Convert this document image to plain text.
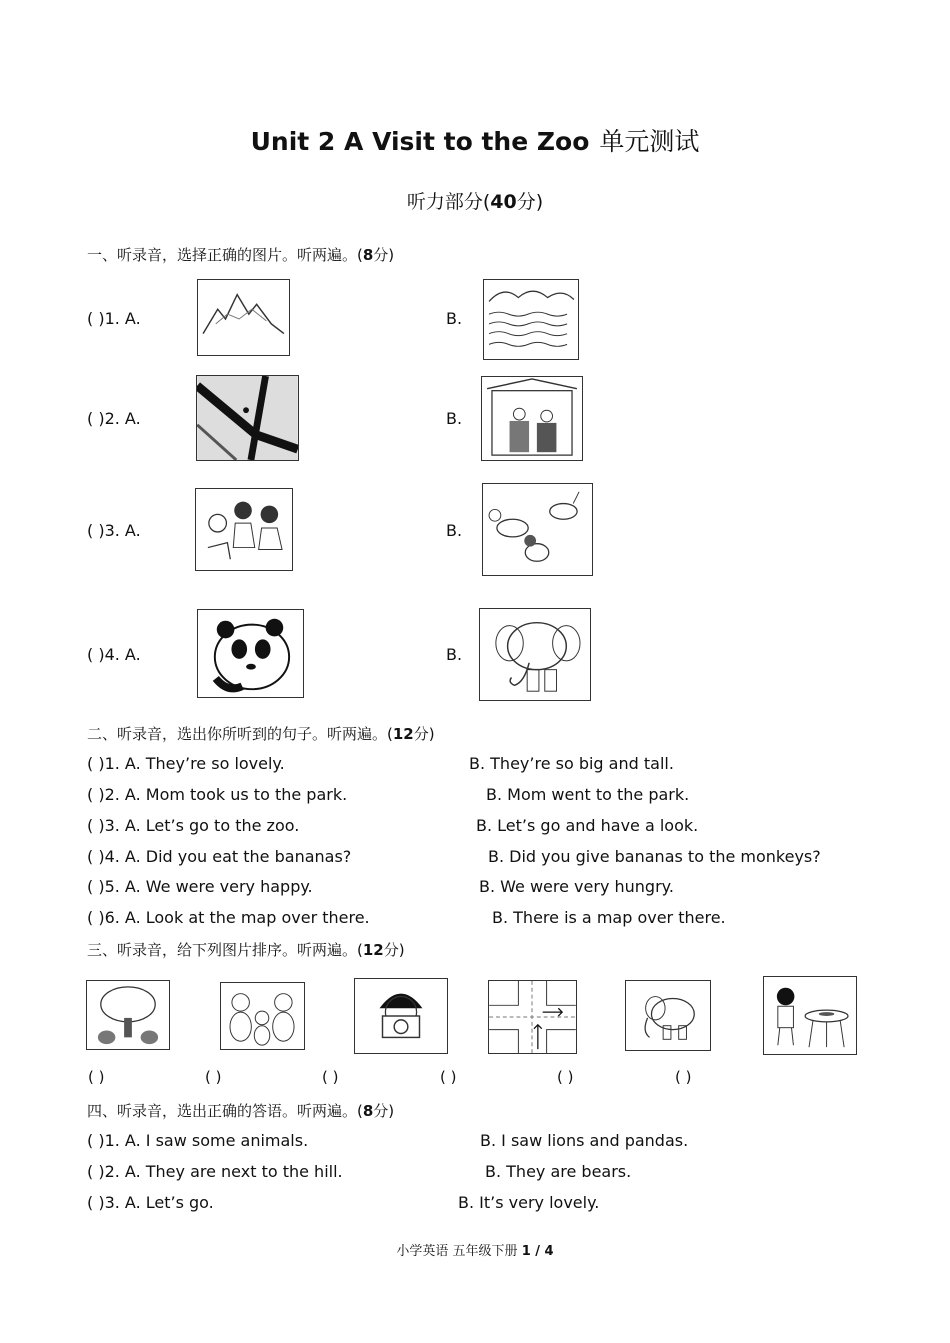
Unit 2 A Visit to the Zoo 单元测试
听力部分(40分)
一、听录音，选择正确的图片。听两遍。(8分)
( )1. A.	B.
( )2. A.	B.
( )3. A.	B.
( )4. A.	B.
二、听录音，选出你所听到的句子。听两遍。(12分)
( )1. A. They’re so lovely.	B. They’re so big and tall.
( )2. A. Mom took us to the park.	B. Mom went to the park.
( )3. A. Let’s go to the zoo.	B. Let’s go and have a look.
( )4. A. Did you eat the bananas?	B. Did you give bananas to the monkeys?
( )5. A. We were very happy.	B. We were very hungry.
( )6. A. Look at the map over there.	B. There is a map over there.
三、听录音，给下列图片排序。听两遍。(12分)
( )	( )	( )	( )	( )	( )
四、听录音，选出正确的答语。听两遍。(8分)
( )1. A. I saw some animals.	B. I saw lions and pandas.
( )2. A. They are next to the hill.	B. They are bears.
( )3. A. Let’s go.	B. It’s very lovely.
小学英语 五年级下册 1 / 4
